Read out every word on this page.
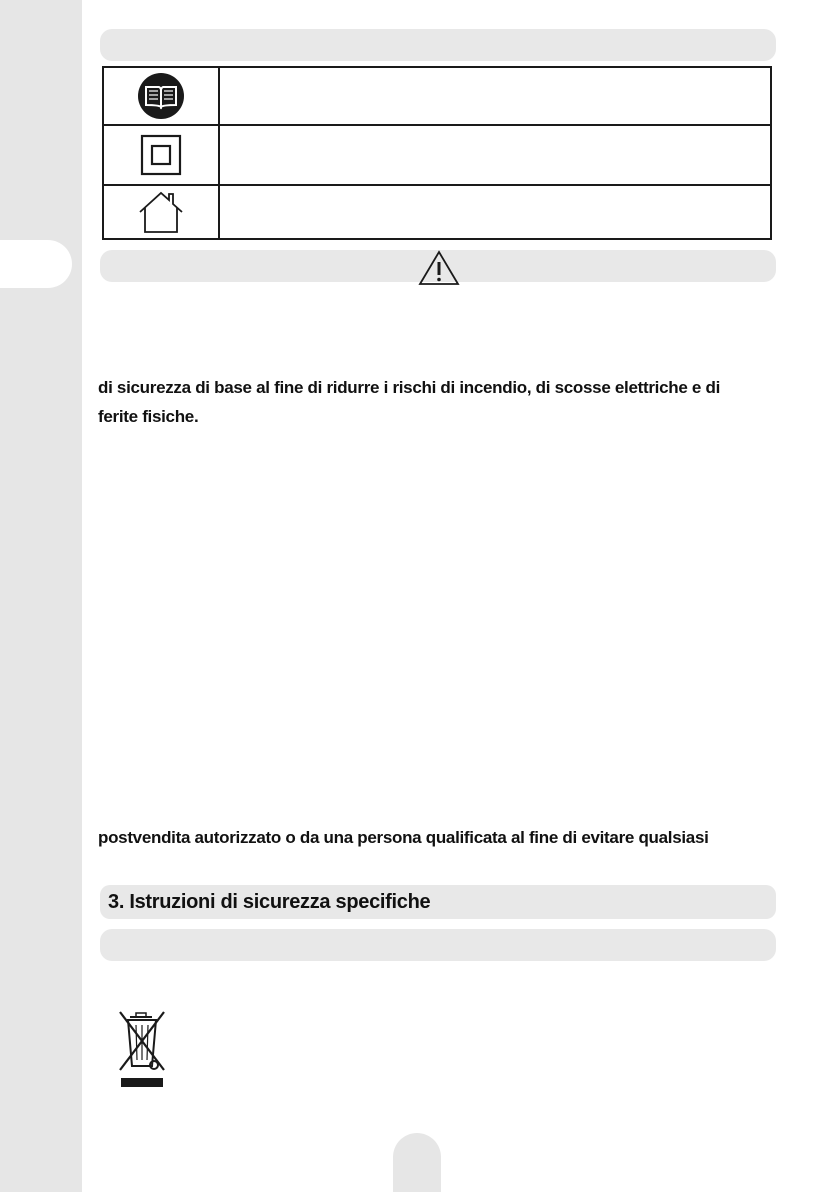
di sicurezza di base al fine di ridurre i rischi di incendio, di scosse elettriche e di

ferite fisiche.

postvendita autorizzato o da una persona qualificata al fine di evitare qualsiasi

3. Istruzioni di sicurezza specifiche
